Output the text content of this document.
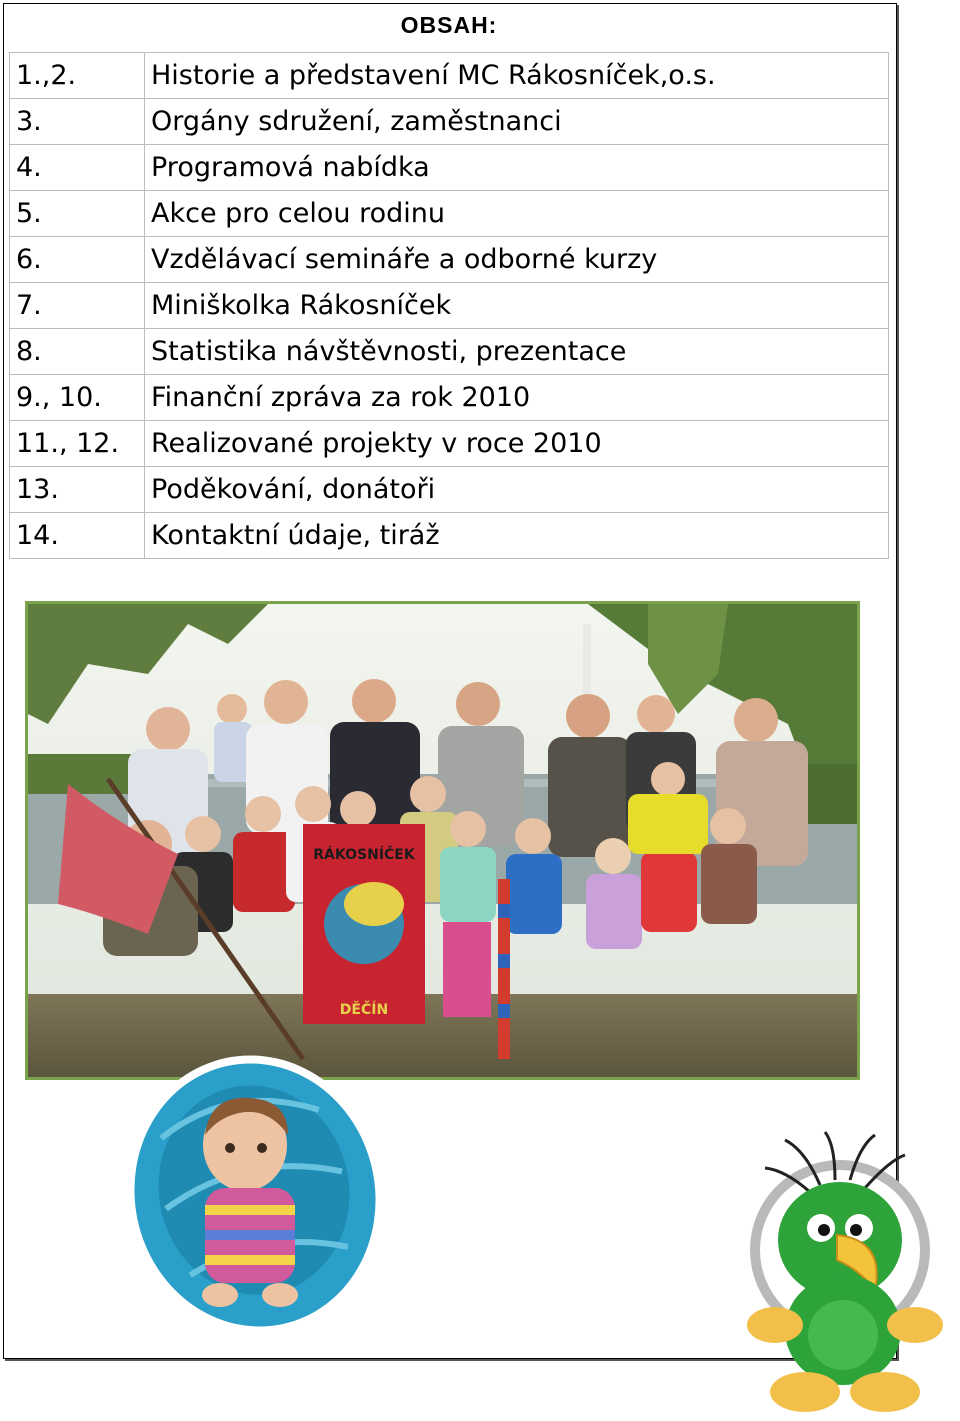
OBSAH:
1.,2.	Historie a představení MC Rákosníček,o.s.
3.	Orgány sdružení, zaměstnanci
4.	Programová nabídka
5.	Akce pro celou rodinu
6.	Vzdělávací semináře a odborné kurzy
7.	Miniškolka Rákosníček
8.	Statistika návštěvnosti, prezentace
9., 10.	Finanční zpráva za rok 2010
11., 12.	Realizované projekty v roce 2010
13.	Poděkování, donátoři
14.	Kontaktní údaje, tiráž
RÁKOSNÍČEK
DĚČÍN
